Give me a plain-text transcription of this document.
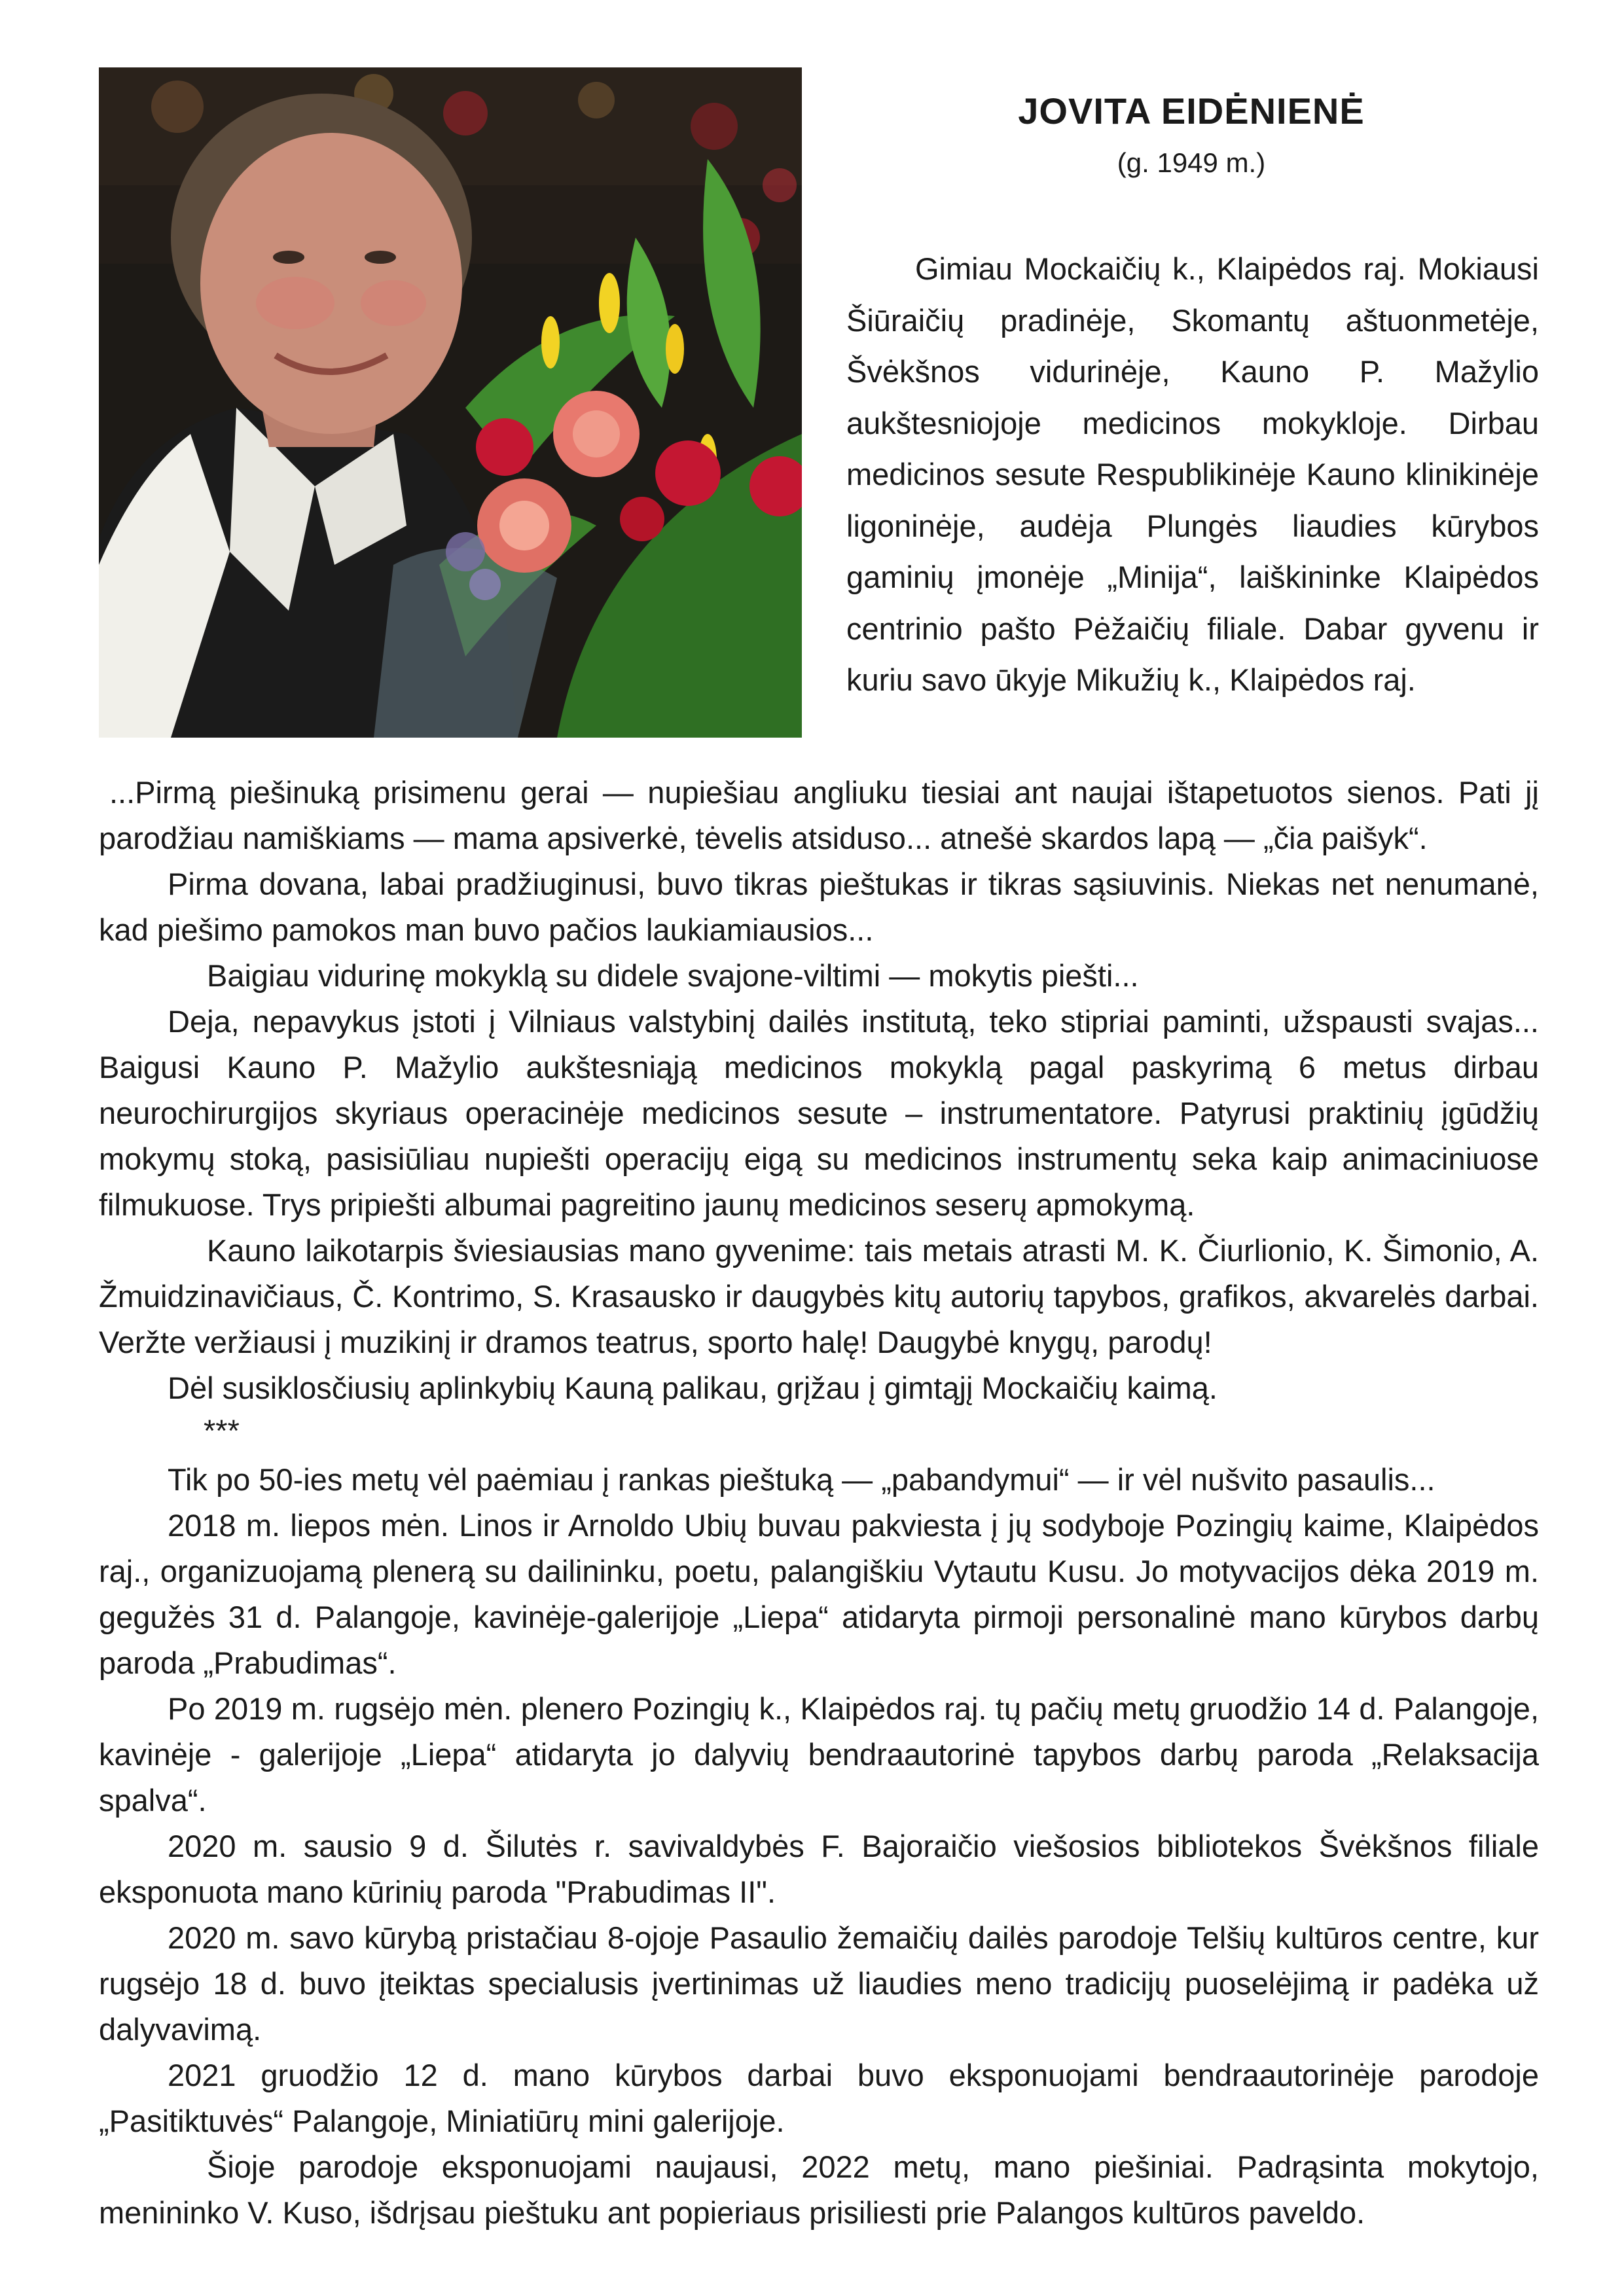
JOVITA EIDĖNIENĖ
(g. 1949 m.)

Gimiau Mockaičių k., Klaipėdos raj. Mokiausi Šiūraičių pradinėje, Skomantų aštuonmetėje, Švėkšnos vidurinėje, Kauno P. Mažylio aukštesniojoje medicinos mokykloje. Dirbau medicinos sesute Respublikinėje Kauno klinikinėje ligoninėje, audėja Plungės liaudies kūrybos gaminių įmonėje „Minija“, laiškininke Klaipėdos centrinio pašto Pėžaičių filiale. Dabar gyvenu ir kuriu savo ūkyje Mikužių k., Klaipėdos raj.

...Pirmą piešinuką prisimenu gerai — nupiešiau angliuku tiesiai ant naujai ištapetuotos sienos. Pati jį parodžiau namiškiams — mama apsiverkė, tėvelis atsiduso... atnešė skardos lapą — „čia paišyk“.

Pirma dovana, labai pradžiuginusi, buvo tikras pieštukas ir tikras sąsiuvinis. Niekas net nenumanė, kad piešimo pamokos man buvo pačios laukiamiausios...

Baigiau vidurinę mokyklą su didele svajone-viltimi — mokytis piešti...

Deja, nepavykus įstoti į Vilniaus valstybinį dailės institutą, teko stipriai paminti, užspausti svajas... Baigusi Kauno P. Mažylio aukštesniąją medicinos mokyklą pagal paskyrimą 6 metus dirbau neurochirurgijos skyriaus operacinėje medicinos sesute – instrumentatore. Patyrusi praktinių įgūdžių mokymų stoką, pasisiūliau nupiešti operacijų eigą su medicinos instrumentų seka kaip animaciniuose filmukuose. Trys pripiešti albumai pagreitino jaunų medicinos seserų apmokymą.

Kauno laikotarpis šviesiausias mano gyvenime: tais metais atrasti M. K. Čiurlionio, K. Šimonio, A. Žmuidzinavičiaus, Č. Kontrimo, S. Krasausko ir daugybės kitų autorių tapybos, grafikos, akvarelės darbai. Veržte veržiausi į muzikinį ir dramos teatrus, sporto halę! Daugybė knygų, parodų!

Dėl susiklosčiusių aplinkybių Kauną palikau, grįžau į gimtąjį Mockaičių kaimą.

***

Tik po 50-ies metų vėl paėmiau į rankas pieštuką — „pabandymui“ — ir vėl nušvito pasaulis...

2018 m. liepos mėn. Linos ir Arnoldo Ubių buvau pakviesta į jų sodyboje Pozingių kaime, Klaipėdos raj., organizuojamą plenerą su dailininku, poetu, palangiškiu Vytautu Kusu. Jo motyvacijos dėka 2019 m. gegužės 31 d. Palangoje, kavinėje-galerijoje „Liepa“ atidaryta pirmoji personalinė mano kūrybos darbų paroda „Prabudimas“.

Po 2019 m. rugsėjo mėn. plenero Pozingių k., Klaipėdos raj. tų pačių metų gruodžio 14 d. Palangoje, kavinėje - galerijoje „Liepa“ atidaryta jo dalyvių bendraautorinė tapybos darbų paroda „Relaksacija spalva“.

2020 m. sausio 9 d. Šilutės r. savivaldybės F. Bajoraičio viešosios bibliotekos Švėkšnos filiale eksponuota mano kūrinių paroda "Prabudimas II".

2020 m. savo kūrybą pristačiau 8-ojoje Pasaulio žemaičių dailės parodoje Telšių kultūros centre, kur rugsėjo 18 d. buvo įteiktas specialusis įvertinimas už liaudies meno tradicijų puoselėjimą ir padėka už dalyvavimą.

2021 gruodžio 12 d. mano kūrybos darbai buvo eksponuojami bendraautorinėje parodoje „Pasitiktuvės“ Palangoje, Miniatiūrų mini galerijoje.

Šioje parodoje eksponuojami naujausi, 2022 metų, mano piešiniai. Padrąsinta mokytojo, menininko V. Kuso, išdrįsau pieštuku ant popieriaus prisiliesti prie Palangos kultūros paveldo.
